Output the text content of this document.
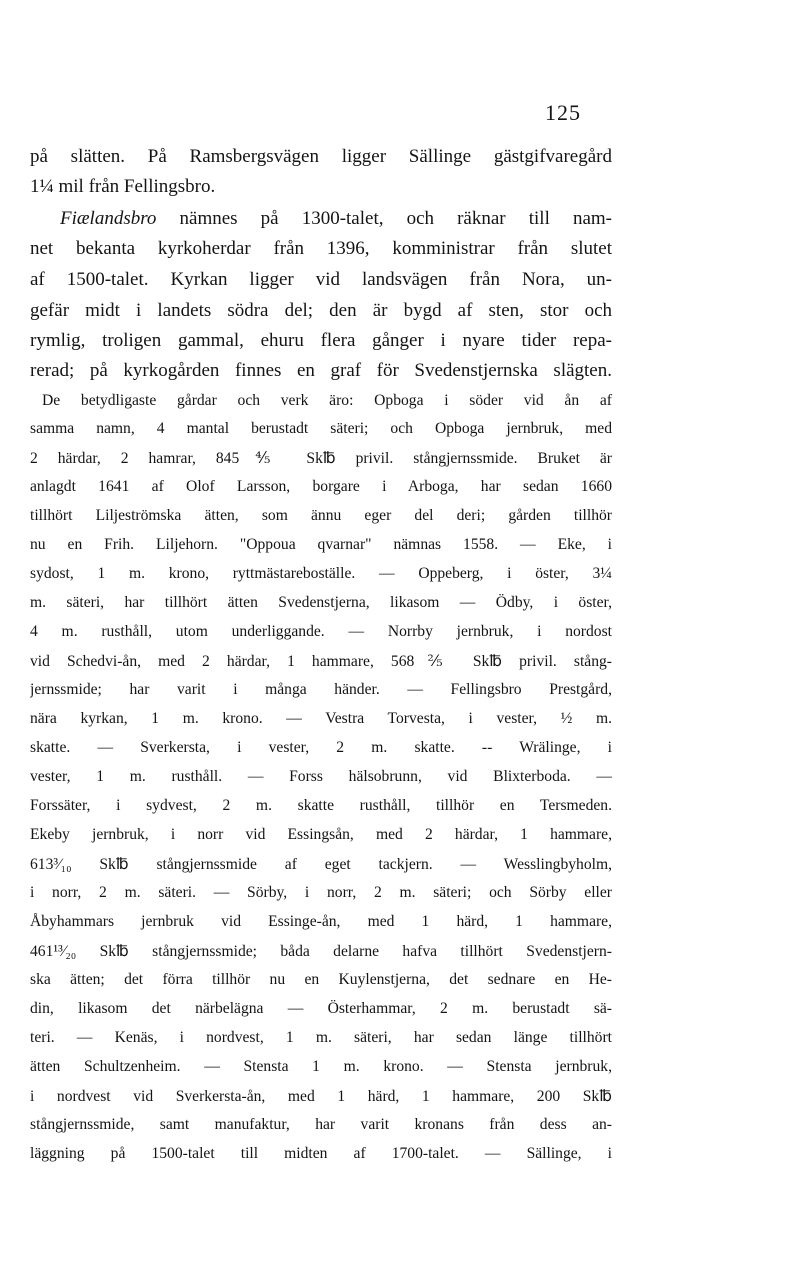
125
på slätten. På Ramsbergsvägen ligger Sällinge gästgifvaregård
1¼ mil från Fellingsbro.
Fiælandsbro nämnes på 1300-talet, och räknar till nam-
net bekanta kyrkoherdar från 1396, komministrar från slutet
af 1500-talet. Kyrkan ligger vid landsvägen från Nora, un-
gefär midt i landets södra del; den är bygd af sten, stor och
rymlig, troligen gammal, ehuru flera gånger i nyare tider repa-
rerad; på kyrkogården finnes en graf för Svedenstjernska slägten.
De betydligaste gårdar och verk äro: Opboga i söder vid ån af
samma namn, 4 mantal berustadt säteri; och Opboga jernbruk, med
2 härdar, 2 hamrar, 845⅘ Sk℔ privil. stångjernssmide. Bruket är
anlagdt 1641 af Olof Larsson, borgare i Arboga, har sedan 1660
tillhört Liljeströmska ätten, som ännu eger del deri; gården tillhör
nu en Frih. Liljehorn. "Oppoua qvarnar" nämnas 1558. — Eke, i
sydost, 1 m. krono, ryttmästareboställe. — Oppeberg, i öster, 3¼
m. säteri, har tillhört ätten Svedenstjerna, likasom — Ödby, i öster,
4 m. rusthåll, utom underliggande. — Norrby jernbruk, i nordost
vid Schedvi-ån, med 2 härdar, 1 hammare, 568⅖ Sk℔ privil. stång-
jernssmide; har varit i många händer. — Fellingsbro Prestgård,
nära kyrkan, 1 m. krono. — Vestra Torvesta, i vester, ½ m.
skatte. — Sverkersta, i vester, 2 m. skatte. -- Wrälinge, i
vester, 1 m. rusthåll. — Forss hälsobrunn, vid Blixterboda. —
Forssäter, i sydvest, 2 m. skatte rusthåll, tillhör en Tersmeden.
Ekeby jernbruk, i norr vid Essingsån, med 2 härdar, 1 hammare,
613³⁄₁₀ Sk℔ stångjernssmide af eget tackjern. — Wesslingbyholm,
i norr, 2 m. säteri. — Sörby, i norr, 2 m. säteri; och Sörby eller
Åbyhammars jernbruk vid Essinge-ån, med 1 härd, 1 hammare,
461¹³⁄₂₀ Sk℔ stångjernssmide; båda delarne hafva tillhört Svedenstjern-
ska ätten; det förra tillhör nu en Kuylenstjerna, det sednare en He-
din, likasom det närbelägna — Österhammar, 2 m. berustadt sä-
teri. — Kenäs, i nordvest, 1 m. säteri, har sedan länge tillhört
ätten Schultzenheim. — Stensta 1 m. krono. — Stensta jernbruk,
i nordvest vid Sverkersta-ån, med 1 härd, 1 hammare, 200 Sk℔
stångjernssmide, samt manufaktur, har varit kronans från dess an-
läggning på 1500-talet till midten af 1700-talet. — Sällinge, i
